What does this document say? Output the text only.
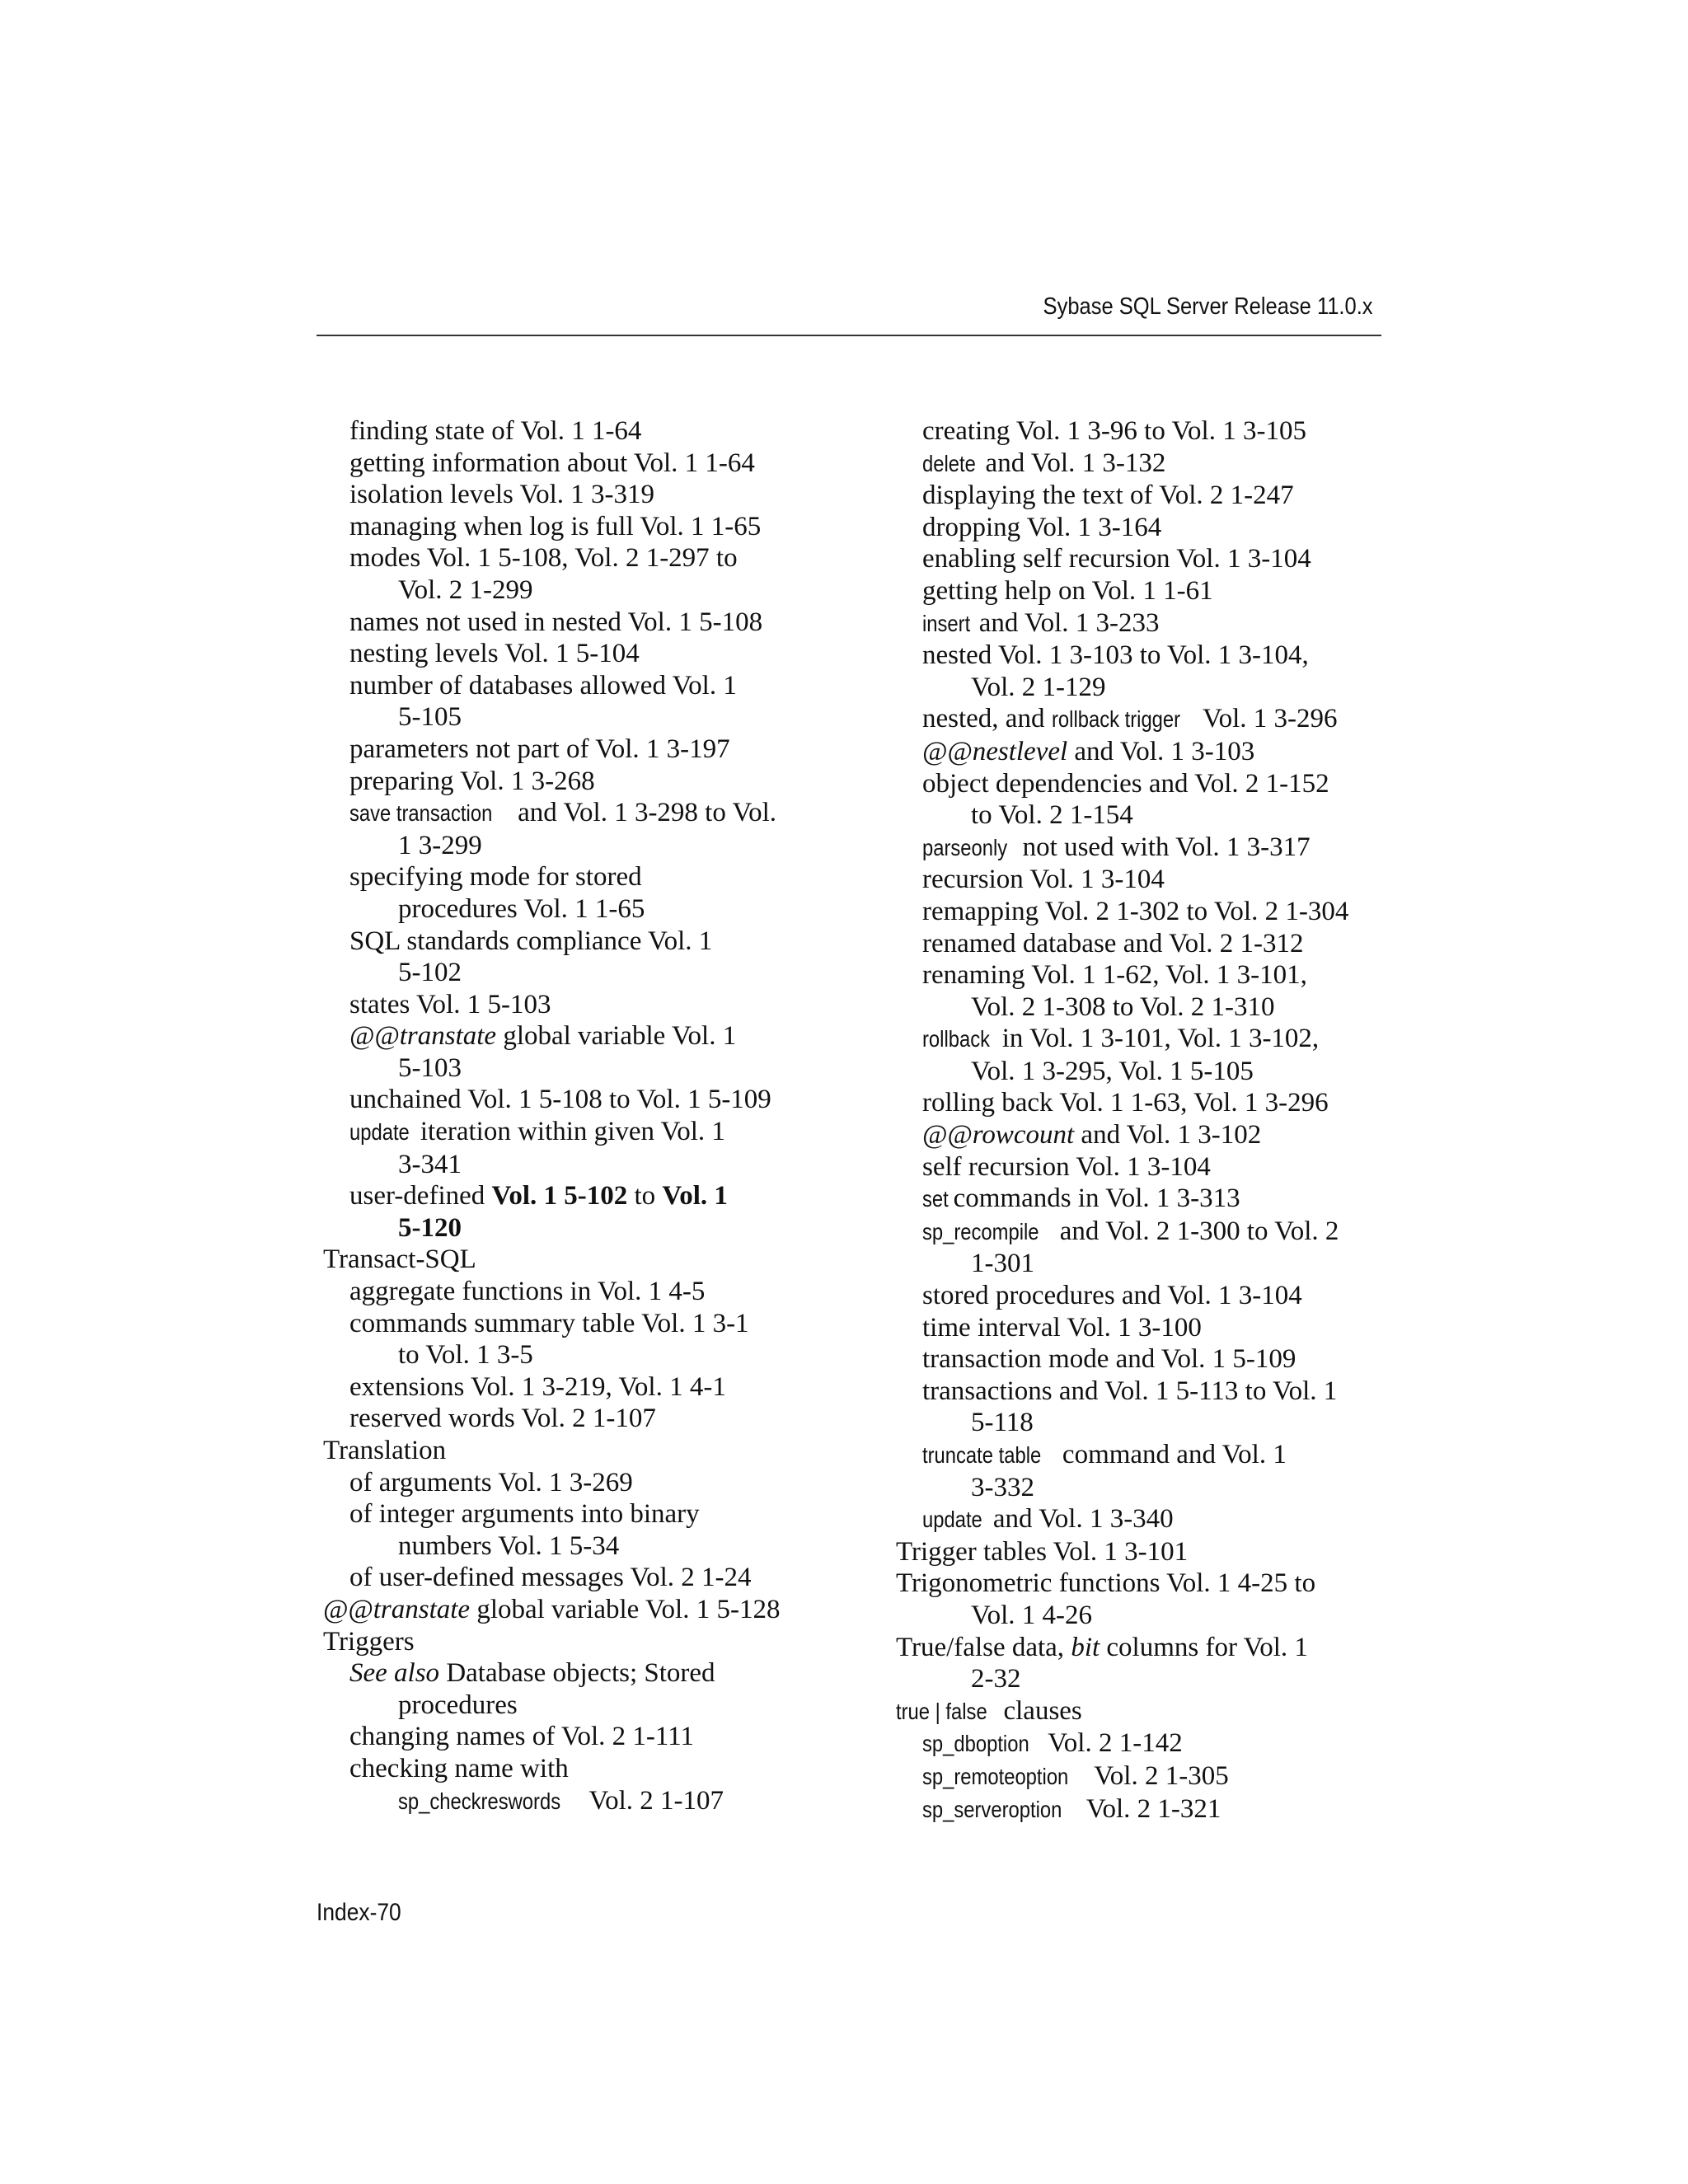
Sybase SQL Server Release 11.0.x
finding state of Vol. 1 1-64
getting information about Vol. 1 1-64
isolation levels Vol. 1 3-319
managing when log is full Vol. 1 1-65
modes Vol. 1 5-108, Vol. 2 1-297 to
Vol. 2 1-299
names not used in nested Vol. 1 5-108
nesting levels Vol. 1 5-104
number of databases allowed Vol. 1
5-105
parameters not part of Vol. 1 3-197
preparing Vol. 1 3-268
save transaction and Vol. 1 3-298 to Vol.
1 3-299
specifying mode for stored
procedures Vol. 1 1-65
SQL standards compliance Vol. 1
5-102
states Vol. 1 5-103
@@transtate global variable Vol. 1
5-103
unchained Vol. 1 5-108 to Vol. 1 5-109
update iteration within given Vol. 1
3-341
user-defined Vol. 1 5-102 to Vol. 1
5-120
Transact-SQL
aggregate functions in Vol. 1 4-5
commands summary table Vol. 1 3-1
to Vol. 1 3-5
extensions Vol. 1 3-219, Vol. 1 4-1
reserved words Vol. 2 1-107
Translation
of arguments Vol. 1 3-269
of integer arguments into binary
numbers Vol. 1 5-34
of user-defined messages Vol. 2 1-24
@@transtate global variable Vol. 1 5-128
Triggers
See also Database objects; Stored
procedures
changing names of Vol. 2 1-111
checking name with
sp_checkreswords Vol. 2 1-107
creating Vol. 1 3-96 to Vol. 1 3-105
delete and Vol. 1 3-132
displaying the text of Vol. 2 1-247
dropping Vol. 1 3-164
enabling self recursion Vol. 1 3-104
getting help on Vol. 1 1-61
insert and Vol. 1 3-233
nested Vol. 1 3-103 to Vol. 1 3-104,
Vol. 2 1-129
nested, and rollback trigger Vol. 1 3-296
@@nestlevel and Vol. 1 3-103
object dependencies and Vol. 2 1-152
to Vol. 2 1-154
parseonly not used with Vol. 1 3-317
recursion Vol. 1 3-104
remapping Vol. 2 1-302 to Vol. 2 1-304
renamed database and Vol. 2 1-312
renaming Vol. 1 1-62, Vol. 1 3-101,
Vol. 2 1-308 to Vol. 2 1-310
rollback in Vol. 1 3-101, Vol. 1 3-102,
Vol. 1 3-295, Vol. 1 5-105
rolling back Vol. 1 1-63, Vol. 1 3-296
@@rowcount and Vol. 1 3-102
self recursion Vol. 1 3-104
set commands in Vol. 1 3-313
sp_recompile and Vol. 2 1-300 to Vol. 2
1-301
stored procedures and Vol. 1 3-104
time interval Vol. 1 3-100
transaction mode and Vol. 1 5-109
transactions and Vol. 1 5-113 to Vol. 1
5-118
truncate table command and Vol. 1
3-332
update and Vol. 1 3-340
Trigger tables Vol. 1 3-101
Trigonometric functions Vol. 1 4-25 to
Vol. 1 4-26
True/false data, bit columns for Vol. 1
2-32
true | false clauses
sp_dboption Vol. 2 1-142
sp_remoteoption Vol. 2 1-305
sp_serveroption Vol. 2 1-321
Index-70
